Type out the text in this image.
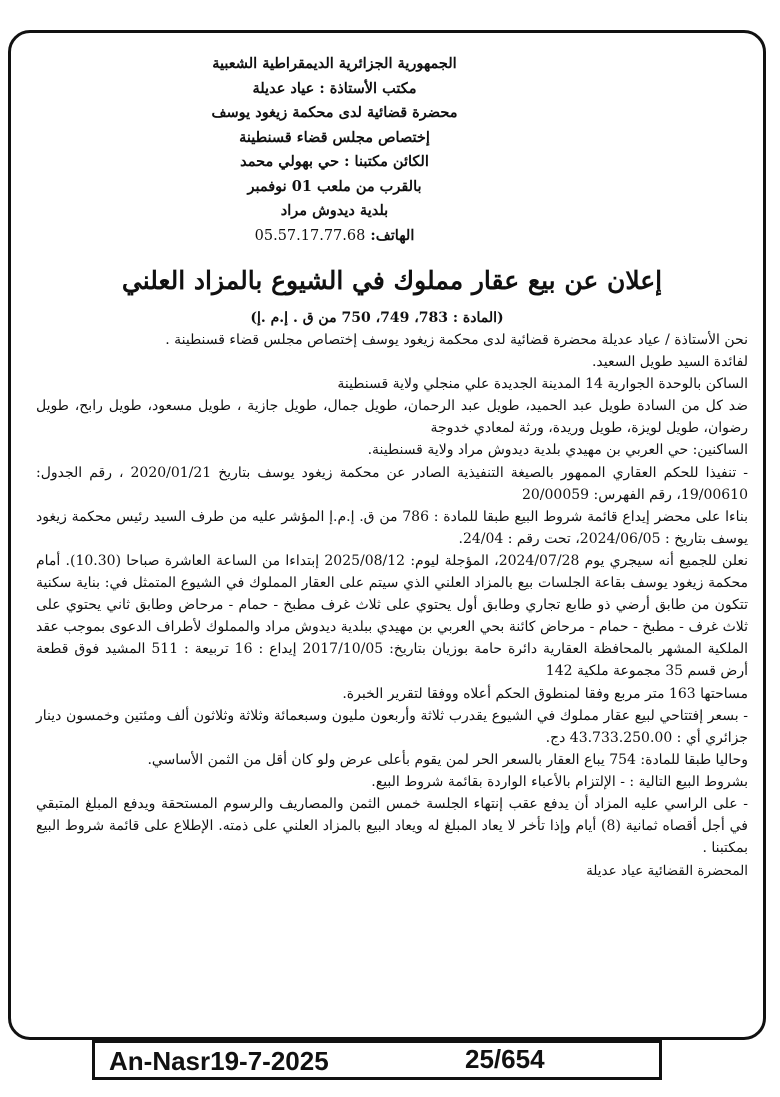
الجمهورية الجزائرية الديمقراطية الشعبية
مكتب الأستاذة : عياد عديلة
محضرة قضائية لدى محكمة زيغود يوسف
إختصاص مجلس قضاء قسنطينة
الكائن مكتبنا : حي بهولي محمد
بالقرب من ملعب 01 نوفمبر
بلدية ديدوش مراد
الهاتف: 05.57.17.77.68
إعلان عن بيع عقار مملوك في الشيوع بالمزاد العلني
(المادة : 783، 749، 750 من ق . إ.م .إ)

نحن الأستاذة / عياد عديلة محضرة قضائية لدى محكمة زيغود يوسف إختصاص مجلس قضاء قسنطينة .

لفائدة السيد طويل السعيد.

الساكن بالوحدة الجوارية 14 المدينة الجديدة علي منجلي ولاية قسنطينة

ضد كل من السادة طويل عبد الحميد، طويل عبد الرحمان، طويل جمال، طويل جازية ، طويل مسعود، طويل رابح، طويل رضوان، طويل لويزة، طويل وريدة، ورثة لمعادي خدوجة

الساكنين: حي العربي بن مهيدي بلدية ديدوش مراد ولاية قسنطينة.

- تنفيذا للحكم العقاري الممهور بالصيغة التنفيذية الصادر عن محكمة زيغود يوسف بتاريخ 2020/01/21 ، رقم الجدول: 19/00610، رقم الفهرس: 20/00059

بناءا على محضر إيداع قائمة شروط البيع طبقا للمادة : 786 من ق. إ.م.إ المؤشر عليه من طرف السيد رئيس محكمة زيغود يوسف بتاريخ : 2024/06/05، تحت رقم : 24/04.

نعلن للجميع أنه سيجري يوم 2024/07/28، المؤجلة ليوم: 2025/08/12 إبتداءا من الساعة العاشرة صباحا (10.30). أمام محكمة زيغود يوسف بقاعة الجلسات بيع بالمزاد العلني الذي سيتم على العقار المملوك في الشيوع المتمثل في: بناية سكنية تتكون من طابق أرضي ذو طابع تجاري وطابق أول يحتوي على ثلاث غرف مطبخ - حمام - مرحاض وطابق ثاني يحتوي على ثلاث غرف - مطبخ - حمام - مرحاض كائنة بحي العربي بن مهيدي ببلدية ديدوش مراد والمملوك لأطراف الدعوى بموجب عقد الملكية المشهر بالمحافظة العقارية دائرة حامة بوزيان بتاريخ: 2017/10/05 إيداع : 16 تربيعة : 511 المشيد فوق قطعة أرض قسم 35 مجموعة ملكية 142

مساحتها 163 متر مربع وفقا لمنطوق الحكم أعلاه ووفقا لتقرير الخبرة.

- بسعر إفتتاحي لبيع عقار مملوك في الشيوع يقدرب ثلاثة وأربعون مليون وسبعمائة وثلاثة وثلاثون ألف ومئتين وخمسون دينار جزائري أي : 43.733.250.00 دج.

وحاليا طبقا للمادة: 754 يباع العقار بالسعر الحر لمن يقوم بأعلى عرض ولو كان أقل من الثمن الأساسي.

بشروط البيع التالية : - الإلتزام بالأعباء الواردة بقائمة شروط البيع.

- على الراسي عليه المزاد أن يدفع عقب إنتهاء الجلسة خمس الثمن والمصاريف والرسوم المستحقة ويدفع المبلغ المتبقي في أجل أقصاه ثمانية (8) أيام وإذا تأخر لا يعاد المبلغ له ويعاد البيع بالمزاد العلني على ذمته. الإطلاع على قائمة شروط البيع بمكتبنا .

المحضرة القضائية عياد عديلة
An-Nasr19-7-2025	25/654
